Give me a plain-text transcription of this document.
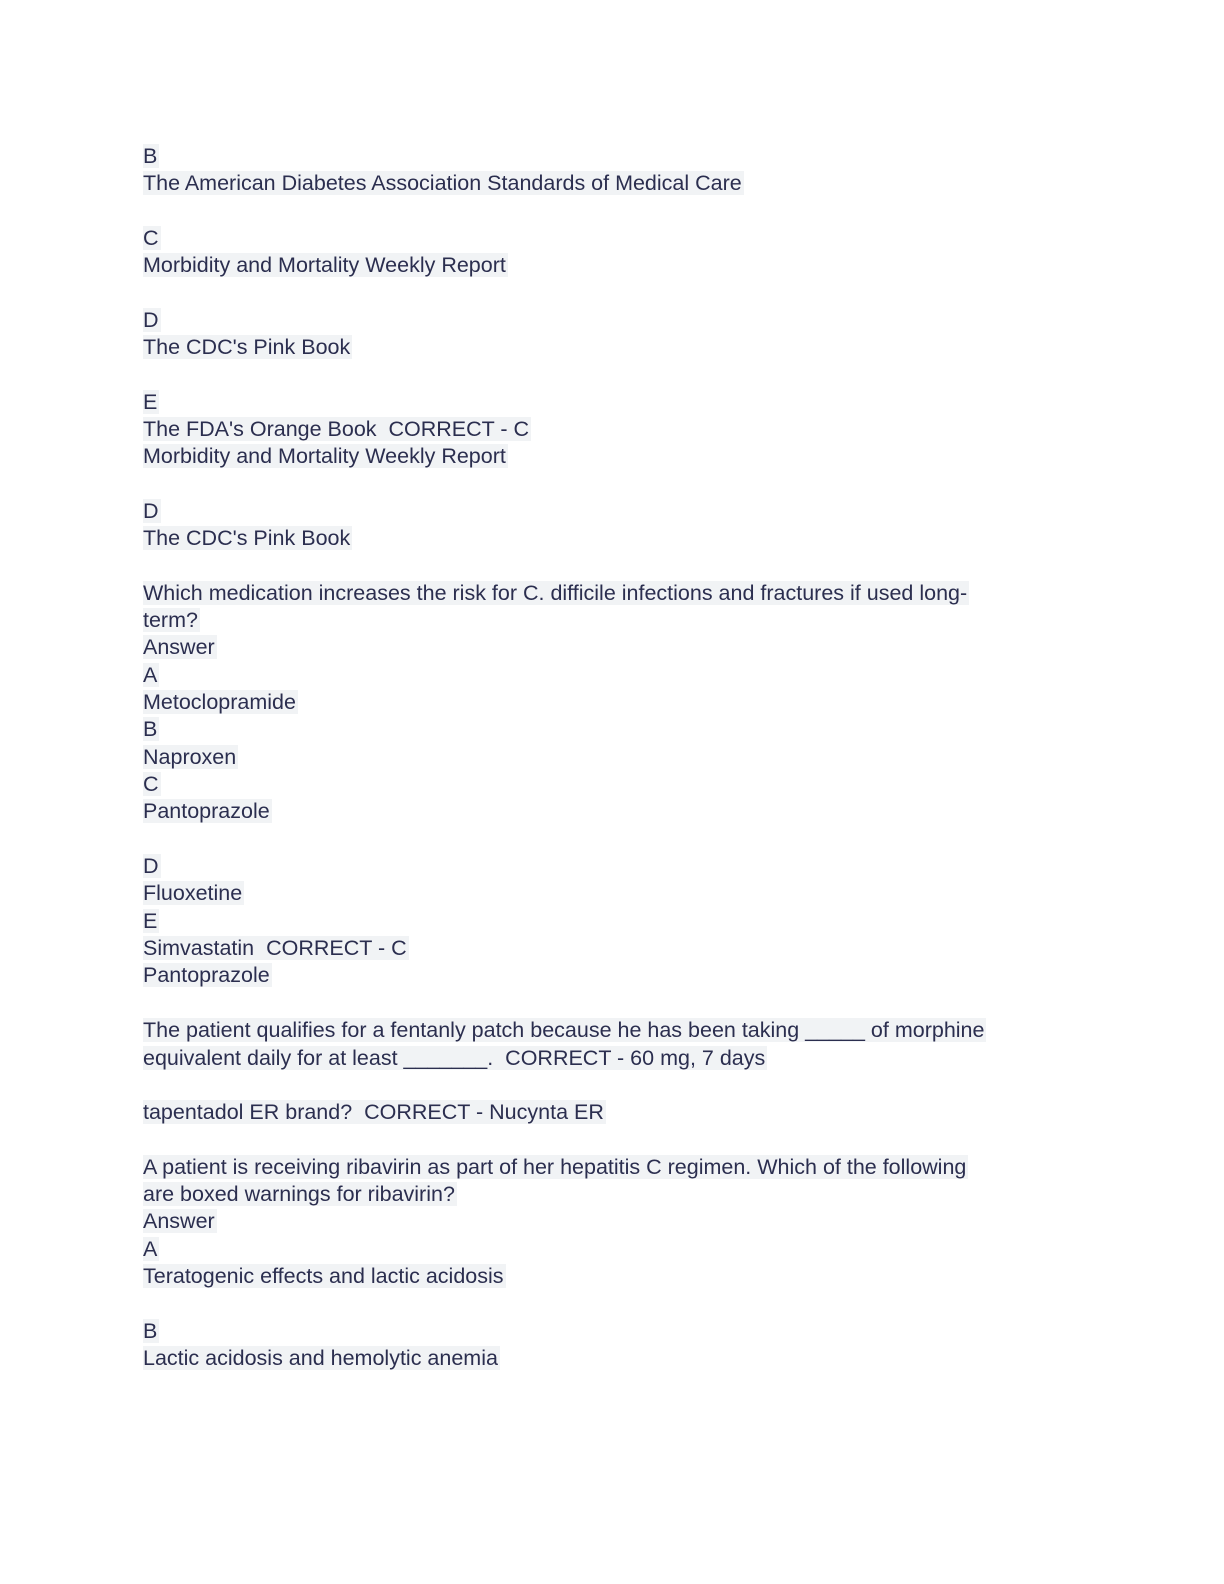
B
The American Diabetes Association Standards of Medical Care
C
Morbidity and Mortality Weekly Report
D
The CDC's Pink Book
E
The FDA's Orange Book  CORRECT - C
Morbidity and Mortality Weekly Report
D
The CDC's Pink Book
Which medication increases the risk for C. difficile infections and fractures if used long-
term?
Answer
A
Metoclopramide
B
Naproxen
C
Pantoprazole
D
Fluoxetine
E
Simvastatin  CORRECT - C
Pantoprazole
The patient qualifies for a fentanly patch because he has been taking _____ of morphine
equivalent daily for at least _______.  CORRECT - 60 mg, 7 days
tapentadol ER brand?  CORRECT - Nucynta ER
A patient is receiving ribavirin as part of her hepatitis C regimen. Which of the following
are boxed warnings for ribavirin?
Answer
A
Teratogenic effects and lactic acidosis
B
Lactic acidosis and hemolytic anemia
